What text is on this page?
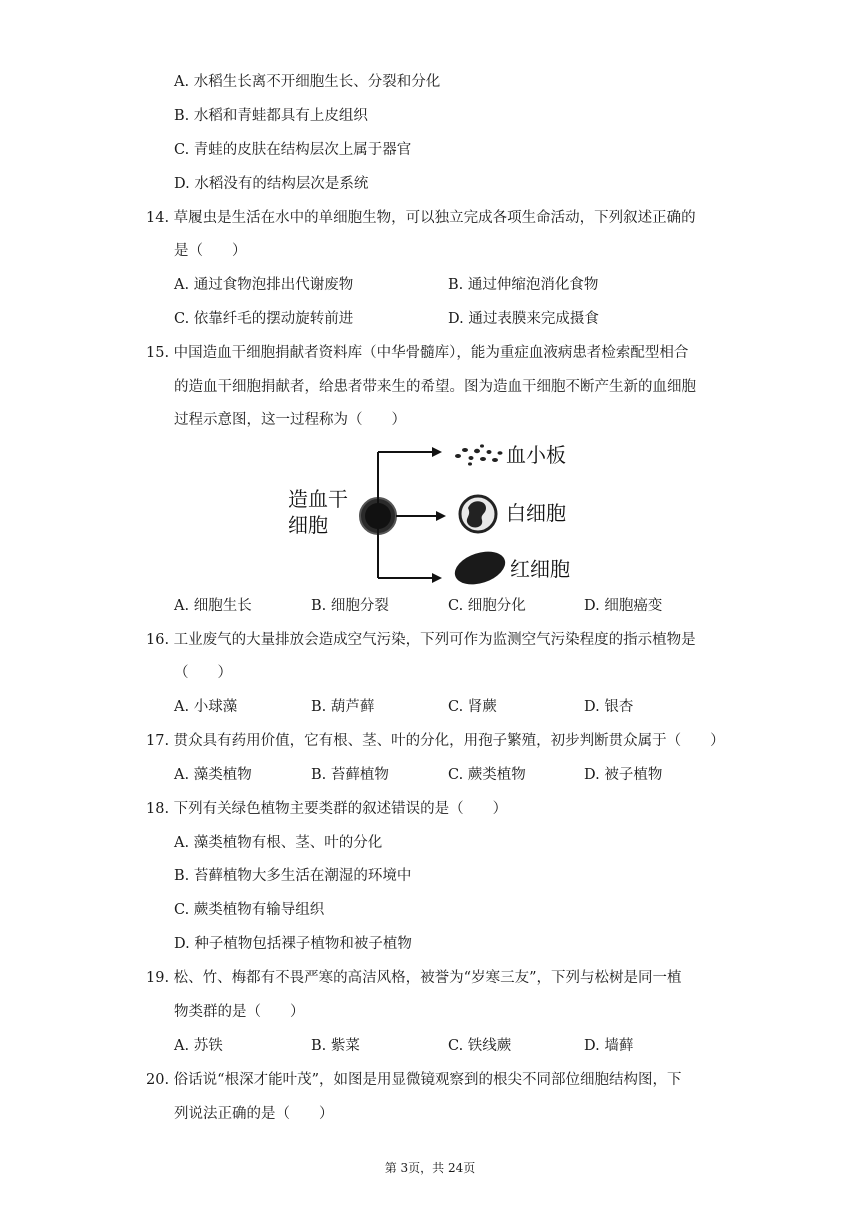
A. 水稻生长离不开细胞生长、分裂和分化
B. 水稻和青蛙都具有上皮组织
C. 青蛙的皮肤在结构层次上属于器官
D. 水稻没有的结构层次是系统
14. 草履虫是生活在水中的单细胞生物，可以独立完成各项生命活动，下列叙述正确的
是（　　）
A. 通过食物泡排出代谢废物	B. 通过伸缩泡消化食物
C. 依靠纤毛的摆动旋转前进	D. 通过表膜来完成摄食
15. 中国造血干细胞捐献者资料库（中华骨髓库），能为重症血液病患者检索配型相合
的造血干细胞捐献者，给患者带来生的希望。图为造血干细胞不断产生新的血细胞
过程示意图，这一过程称为（　　）
造血干
细胞
血小板
白细胞
红细胞
A. 细胞生长	B. 细胞分裂	C. 细胞分化	D. 细胞癌变
16. 工业废气的大量排放会造成空气污染，下列可作为监测空气污染程度的指示植物是
（　　）
A. 小球藻	B. 葫芦藓	C. 肾蕨	D. 银杏
17. 贯众具有药用价值，它有根、茎、叶的分化，用孢子繁殖，初步判断贯众属于（　　）
A. 藻类植物	B. 苔藓植物	C. 蕨类植物	D. 被子植物
18. 下列有关绿色植物主要类群的叙述错误的是（　　）
A. 藻类植物有根、茎、叶的分化
B. 苔藓植物大多生活在潮湿的环境中
C. 蕨类植物有输导组织
D. 种子植物包括裸子植物和被子植物
19. 松、竹、梅都有不畏严寒的高洁风格，被誉为“岁寒三友”，下列与松树是同一植
物类群的是（　　）
A. 苏铁	B. 紫菜	C. 铁线蕨	D. 墙藓
20. 俗话说“根深才能叶茂”，如图是用显微镜观察到的根尖不同部位细胞结构图，下
列说法正确的是（　　）
第 3页，共 24页
